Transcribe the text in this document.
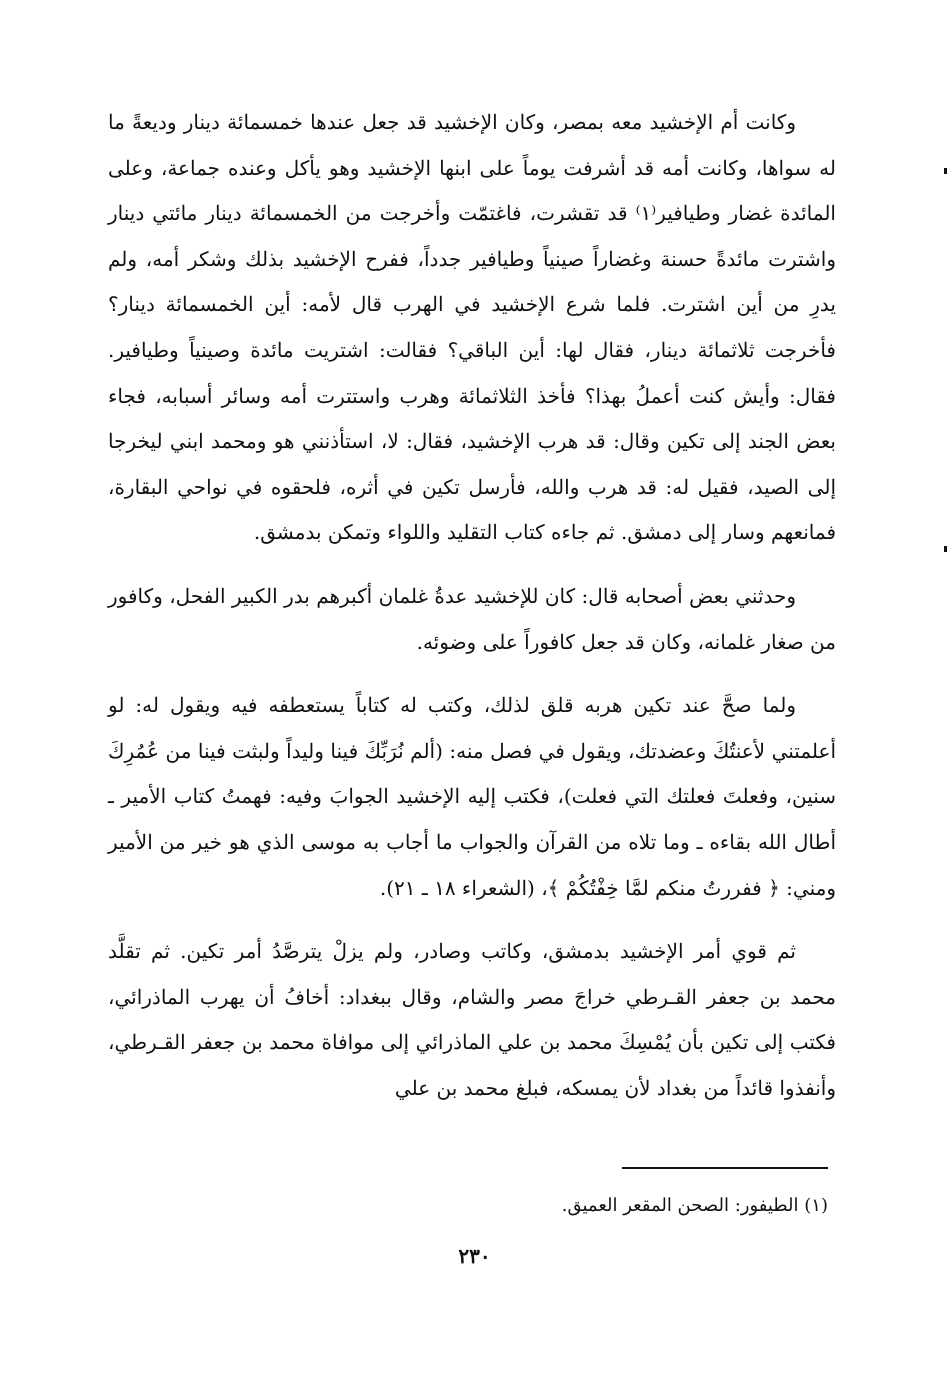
وكانت أم الإخشيد معه بمصر، وكان الإخشيد قد جعل عندها خمسمائة دينار وديعةً ما له سواها، وكانت أمه قد أشرفت يوماً على ابنها الإخشيد وهو يأكل وعنده جماعة، وعلى المائدة غضار وطيافير⁽١⁾ قد تقشرت، فاغتمّت وأخرجت من الخمسمائة دينار مائتي دينار واشترت مائدةً حسنة وغضاراً صينياً وطيافير جدداً، ففرح الإخشيد بذلك وشكر أمه، ولم يدرِ من أين اشترت. فلما شرع الإخشيد في الهرب قال لأمه: أين الخمسمائة دينار؟ فأخرجت ثلاثمائة دينار، فقال لها: أين الباقي؟ فقالت: اشتريت مائدة وصينياً وطيافير. فقال: وأيش كنت أعملُ بهذا؟ فأخذ الثلاثمائة وهرب واستترت أمه وسائر أسبابه، فجاء بعض الجند إلى تكين وقال: قد هرب الإخشيد، فقال: لا، استأذنني هو ومحمد ابني ليخرجا إلى الصيد، فقيل له: قد هرب والله، فأرسل تكين في أثره، فلحقوه في نواحي البقارة، فمانعهم وسار إلى دمشق. ثم جاءه كتاب التقليد واللواء وتمكن بدمشق.

وحدثني بعض أصحابه قال: كان للإخشيد عدةُ غلمان أكبرهم بدر الكبير الفحل، وكافور من صغار غلمانه، وكان قد جعل كافوراً على وضوئه.

ولما صحَّ عند تكين هربه قلق لذلك، وكتب له كتاباً يستعطفه فيه ويقول له: لو أعلمتني لأعنتُكَ وعضدتك، ويقول في فصل منه: (ألم نُرَبِّكَ فينا وليداً ولبثت فينا من عُمُرِكَ سنين، وفعلتَ فعلتك التي فعلت)، فكتب إليه الإخشيد الجوابَ وفيه: فهمتُ كتاب الأمير ـ أطال الله بقاءه ـ وما تلاه من القرآن والجواب ما أجاب به موسى الذي هو خير من الأمير ومني: ﴿ ففررتُ منكم لمَّا خِفْتُكُمْ ﴾، (الشعراء ١٨ ـ ٢١).

ثم قوي أمر الإخشيد بدمشق، وكاتب وصادر، ولم يزلْ يترصَّدُ أمر تكين. ثم تقلَّد محمد بن جعفر القـرطي خراجَ مصر والشام، وقال ببغداد: أخافُ أن يهرب الماذرائي، فكتب إلى تكين بأن يُمْسِكَ محمد بن علي الماذرائي إلى موافاة محمد بن جعفر القـرطي، وأنفذوا قائداً من بغداد لأن يمسكه، فبلغ محمد بن علي

(١) الطيفور: الصحن المقعر العميق.
٢٣٠
